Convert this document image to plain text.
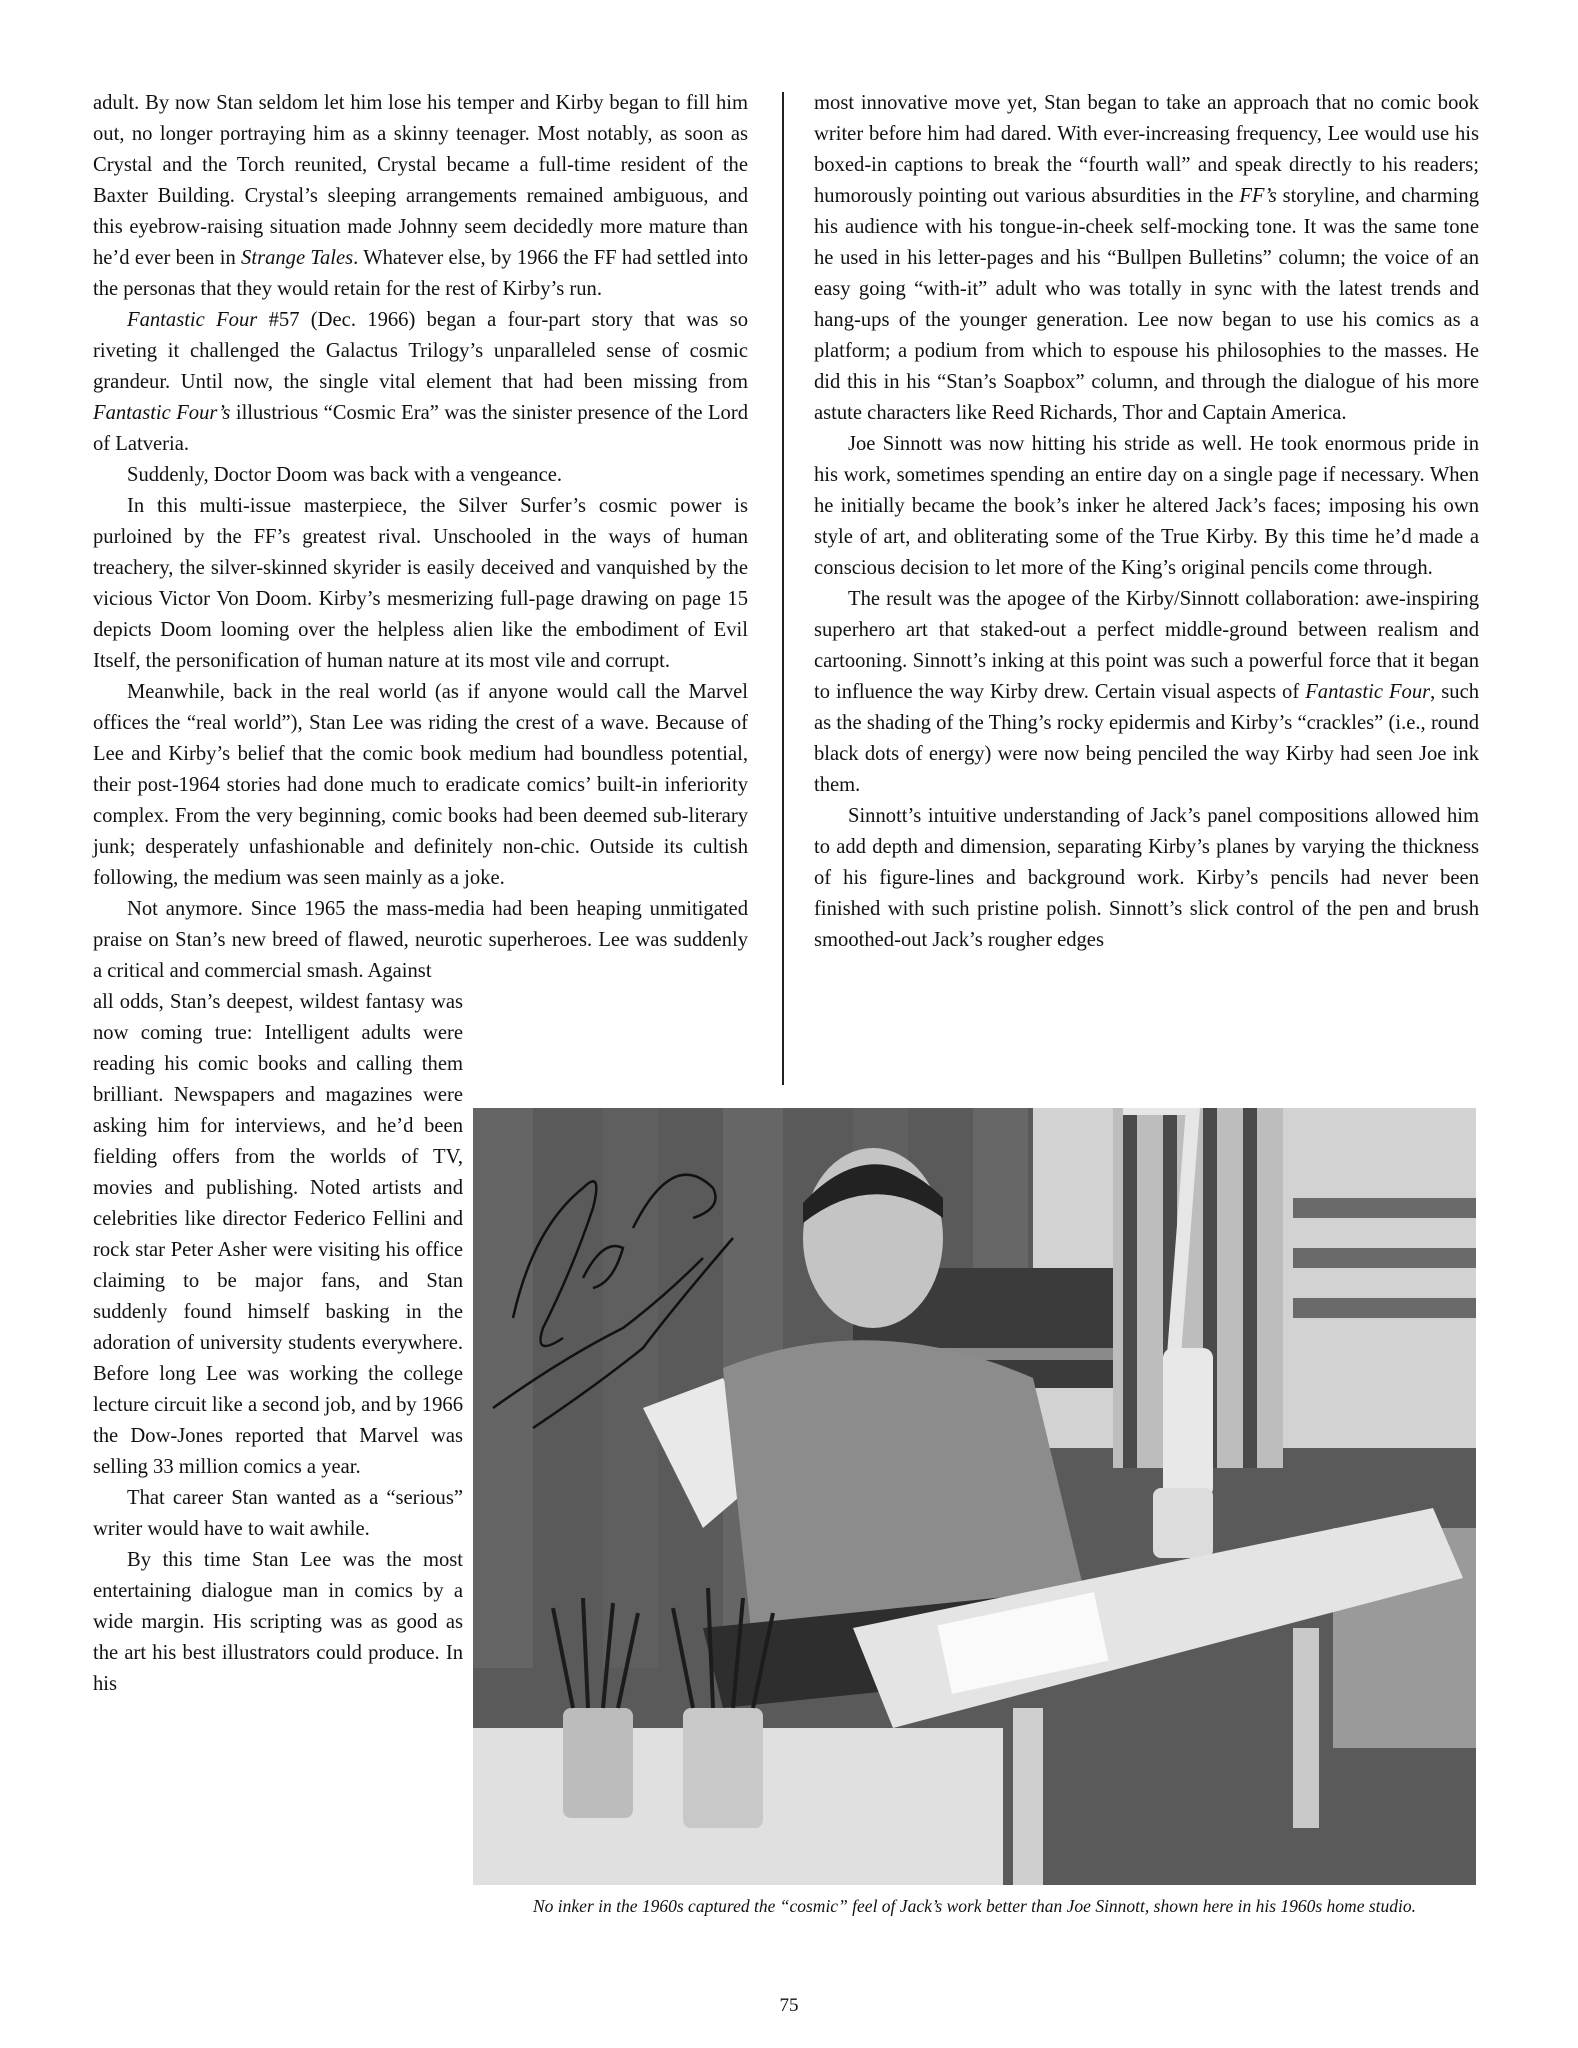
adult. By now Stan seldom let him lose his temper and Kirby began to fill him out, no longer portraying him as a skinny teenager. Most notably, as soon as Crystal and the Torch reunited, Crystal became a full-time resident of the Baxter Building. Crystal’s sleeping arrangements remained ambiguous, and this eyebrow-raising situation made Johnny seem decidedly more mature than he’d ever been in Strange Tales. Whatever else, by 1966 the FF had settled into the personas that they would retain for the rest of Kirby’s run.

Fantastic Four #57 (Dec. 1966) began a four-part story that was so riveting it challenged the Galactus Trilogy’s unparalleled sense of cosmic grandeur. Until now, the single vital element that had been missing from Fantastic Four’s illustrious “Cosmic Era” was the sinister presence of the Lord of Latveria.

Suddenly, Doctor Doom was back with a vengeance.

In this multi-issue masterpiece, the Silver Surfer’s cosmic power is purloined by the FF’s greatest rival. Unschooled in the ways of human treachery, the silver-skinned skyrider is easily deceived and vanquished by the vicious Victor Von Doom. Kirby’s mesmerizing full-page drawing on page 15 depicts Doom looming over the helpless alien like the embodiment of Evil Itself, the personification of human nature at its most vile and corrupt.

Meanwhile, back in the real world (as if anyone would call the Marvel offices the “real world”), Stan Lee was riding the crest of a wave. Because of Lee and Kirby’s belief that the comic book medium had boundless potential, their post-1964 stories had done much to eradicate comics’ built-in inferiority complex. From the very beginning, comic books had been deemed sub-literary junk; desperately unfashionable and definitely non-chic. Outside its cultish following, the medium was seen mainly as a joke.

Not anymore. Since 1965 the mass-media had been heaping unmitigated praise on Stan’s new breed of flawed, neurotic superheroes. Lee was suddenly a critical and commercial smash. Against

all odds, Stan’s deepest, wildest fantasy was now coming true: Intelligent adults were reading his comic books and calling them brilliant. Newspapers and magazines were asking him for interviews, and he’d been fielding offers from the worlds of TV, movies and publishing. Noted artists and celebrities like director Federico Fellini and rock star Peter Asher were visiting his office claiming to be major fans, and Stan suddenly found himself basking in the adoration of university students everywhere. Before long Lee was working the college lecture circuit like a second job, and by 1966 the Dow-Jones reported that Marvel was selling 33 million comics a year.

That career Stan wanted as a “serious” writer would have to wait awhile.

By this time Stan Lee was the most entertaining dialogue man in comics by a wide margin. His scripting was as good as the art his best illustrators could produce. In his

most innovative move yet, Stan began to take an approach that no comic book writer before him had dared. With ever-increasing frequency, Lee would use his boxed-in captions to break the “fourth wall” and speak directly to his readers; humorously pointing out various absurdities in the FF’s storyline, and charming his audience with his tongue-in-cheek self-mocking tone. It was the same tone he used in his letter-pages and his “Bullpen Bulletins” column; the voice of an easy going “with-it” adult who was totally in sync with the latest trends and hang-ups of the younger generation. Lee now began to use his comics as a platform; a podium from which to espouse his philosophies to the masses. He did this in his “Stan’s Soapbox” column, and through the dialogue of his more astute characters like Reed Richards, Thor and Captain America.

Joe Sinnott was now hitting his stride as well. He took enormous pride in his work, sometimes spending an entire day on a single page if necessary. When he initially became the book’s inker he altered Jack’s faces; imposing his own style of art, and obliterating some of the True Kirby. By this time he’d made a conscious decision to let more of the King’s original pencils come through.

The result was the apogee of the Kirby/Sinnott collaboration: awe-inspiring superhero art that staked-out a perfect middle-ground between realism and cartooning. Sinnott’s inking at this point was such a powerful force that it began to influence the way Kirby drew. Certain visual aspects of Fantastic Four, such as the shading of the Thing’s rocky epidermis and Kirby’s “crackles” (i.e., round black dots of energy) were now being penciled the way Kirby had seen Joe ink them.

Sinnott’s intuitive understanding of Jack’s panel compositions allowed him to add depth and dimension, separating Kirby’s planes by varying the thickness of his figure-lines and background work. Kirby’s pencils had never been finished with such pristine polish. Sinnott’s slick control of the pen and brush smoothed-out Jack’s rougher edges

No inker in the 1960s captured the “cosmic” feel of Jack’s work better than Joe Sinnott, shown here in his 1960s home studio.
75
